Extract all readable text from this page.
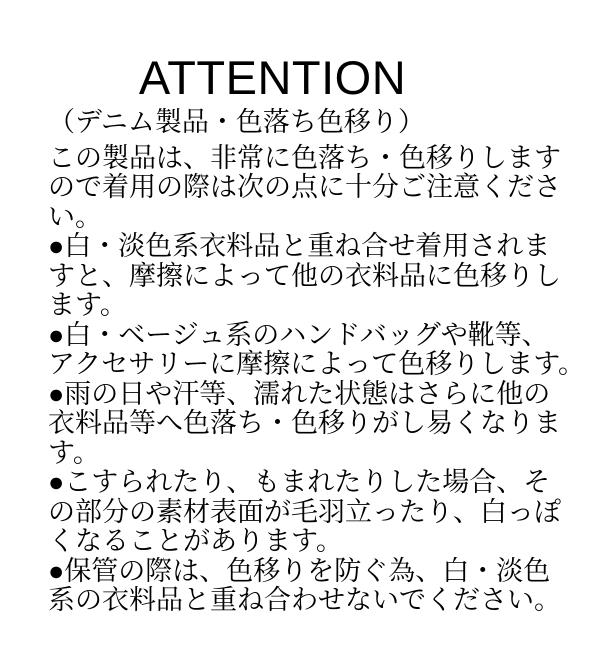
ATTENTION
（デニム製品・色落ち色移り）
この製品は、非常に色落ち・色移りします
ので着用の際は次の点に十分ご注意くださ
い。
●白・淡色系衣料品と重ね合せ着用されま
すと、摩擦によって他の衣料品に色移りし
ます。
●白・ベージュ系のハンドバッグや靴等、
アクセサリーに摩擦によって色移りします。
●雨の日や汗等、濡れた状態はさらに他の
衣料品等へ色落ち・色移りがし易くなりま
す。
●こすられたり、もまれたりした場合、そ
の部分の素材表面が毛羽立ったり、白っぽ
くなることがあります。
●保管の際は、色移りを防ぐ為、白・淡色
系の衣料品と重ね合わせないでください。
